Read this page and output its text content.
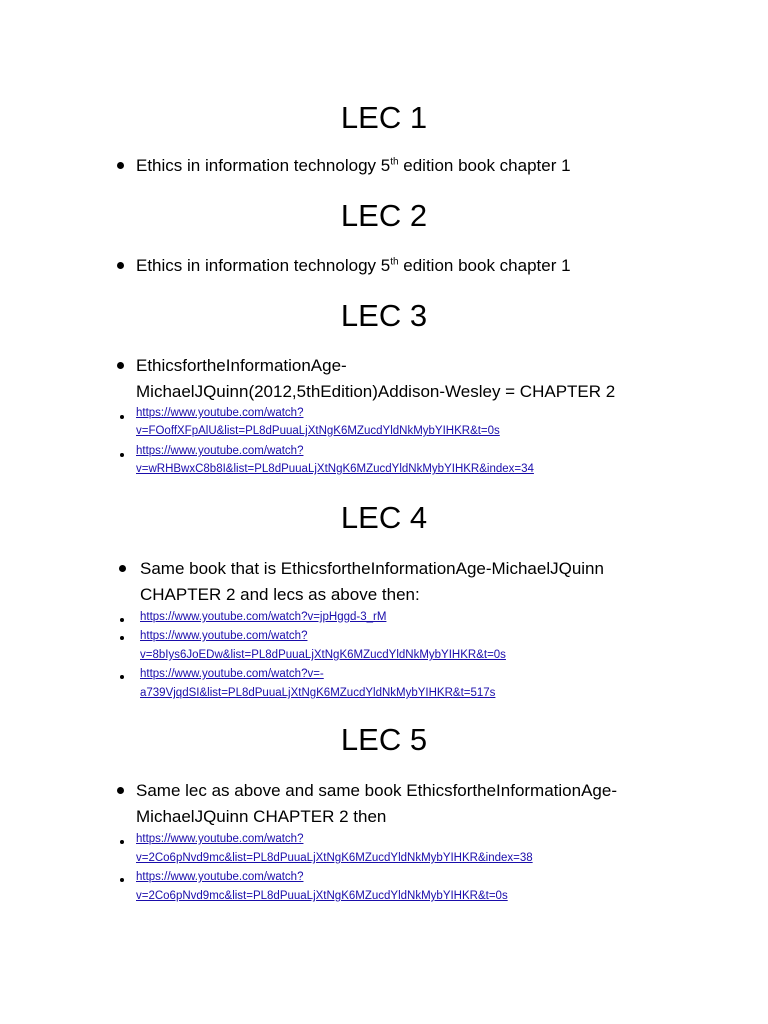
LEC 1
Ethics in information technology 5th edition book chapter 1
LEC 2
Ethics in information technology 5th edition book chapter 1
LEC 3
EthicsfortheInformationAge-
MichaelJQuinn(2012,5thEdition)Addison-Wesley = CHAPTER 2
https://www.youtube.com/watch?
v=FOoffXFpAlU&list=PL8dPuuaLjXtNgK6MZucdYldNkMybYIHKR&t=0s
https://www.youtube.com/watch?
v=wRHBwxC8b8I&list=PL8dPuuaLjXtNgK6MZucdYldNkMybYIHKR&index=34
LEC 4
Same book that is EthicsfortheInformationAge-MichaelJQuinn
CHAPTER 2 and lecs as above then:
https://www.youtube.com/watch?v=jpHggd-3_rM
https://www.youtube.com/watch?
v=8bIys6JoEDw&list=PL8dPuuaLjXtNgK6MZucdYldNkMybYIHKR&t=0s
https://www.youtube.com/watch?v=-
a739VjqdSI&list=PL8dPuuaLjXtNgK6MZucdYldNkMybYIHKR&t=517s
LEC 5
Same lec as above and same book EthicsfortheInformationAge-
MichaelJQuinn CHAPTER 2 then
https://www.youtube.com/watch?
v=2Co6pNvd9mc&list=PL8dPuuaLjXtNgK6MZucdYldNkMybYIHKR&index=38
https://www.youtube.com/watch?
v=2Co6pNvd9mc&list=PL8dPuuaLjXtNgK6MZucdYldNkMybYIHKR&t=0s
